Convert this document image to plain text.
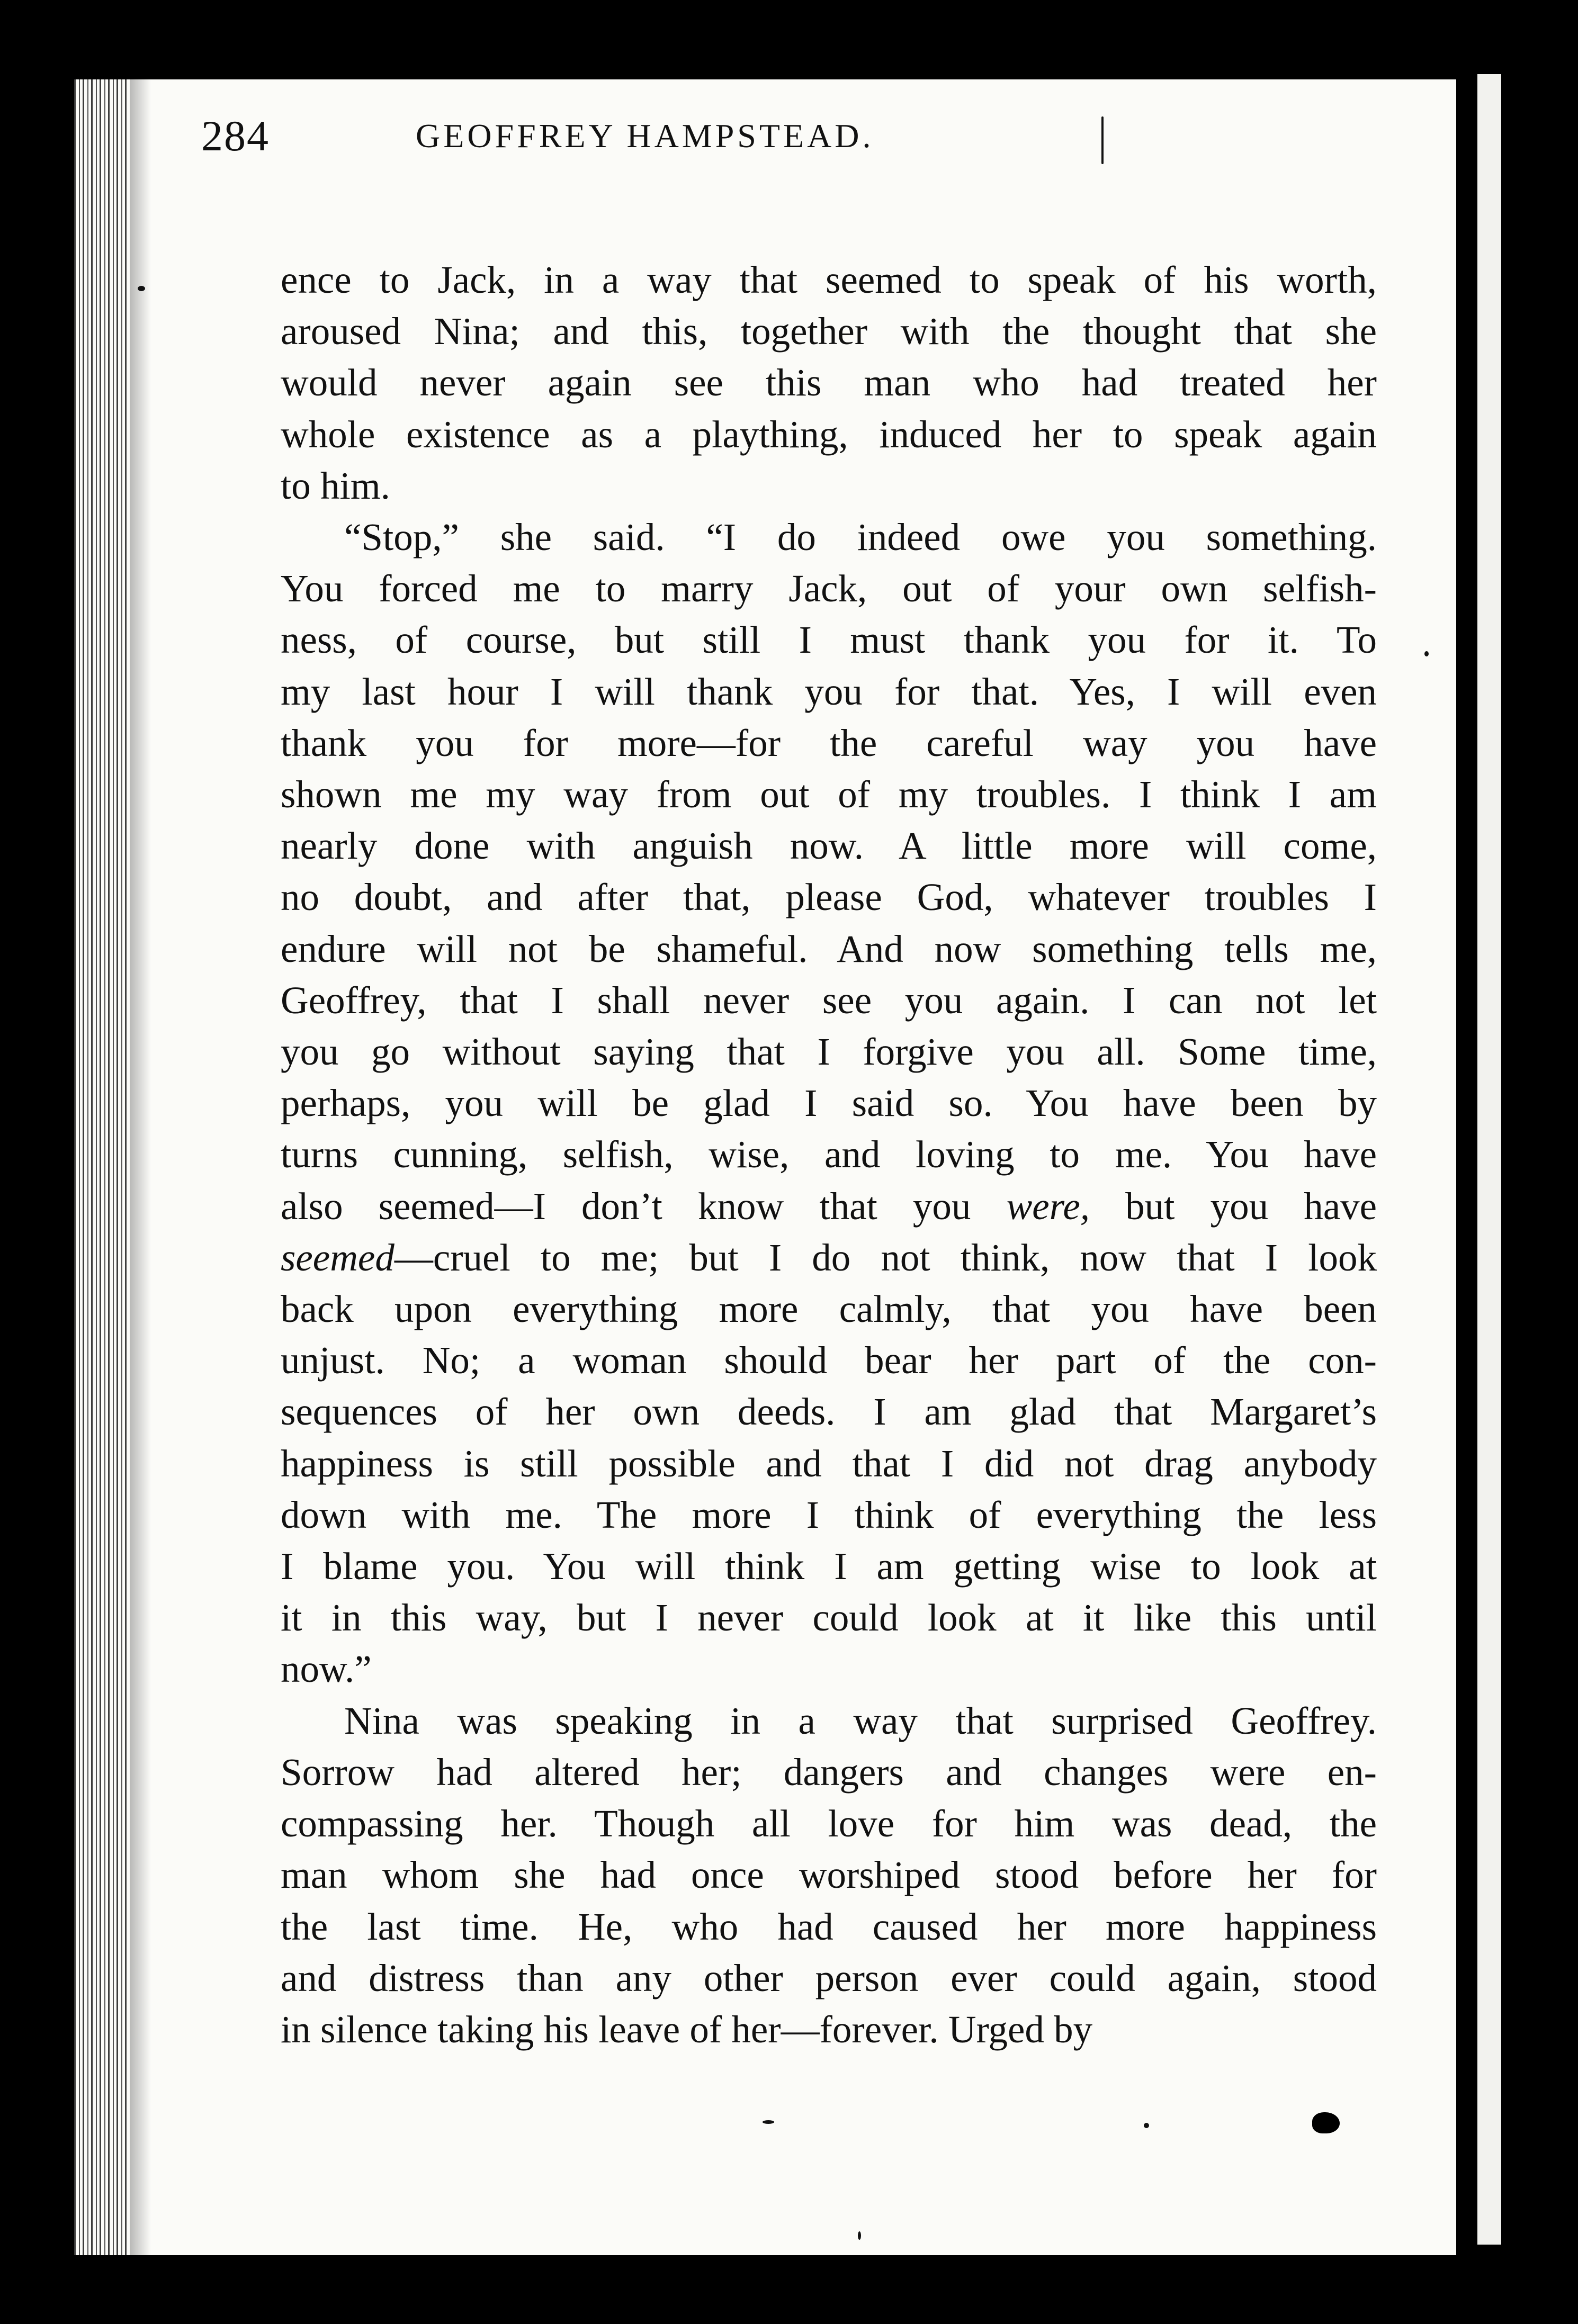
284	GEOFFREY HAMPSTEAD.

ence to Jack, in a way that seemed to speak of his worth,
aroused Nina; and this, together with the thought that she
would never again see this man who had treated her
whole existence as a plaything, induced her to speak again
to him.

“Stop,” she said. “I do indeed owe you something.
You forced me to marry Jack, out of your own selfish-
ness, of course, but still I must thank you for it. To
my last hour I will thank you for that. Yes, I will even
thank you for more—for the careful way you have
shown me my way from out of my troubles. I think I am
nearly done with anguish now. A little more will come,
no doubt, and after that, please God, whatever troubles I
endure will not be shameful. And now something tells me,
Geoffrey, that I shall never see you again. I can not let
you go without saying that I forgive you all. Some time,
perhaps, you will be glad I said so. You have been by
turns cunning, selfish, wise, and loving to me. You have
also seemed—I don’t know that you were, but you have
seemed—cruel to me; but I do not think, now that I look
back upon everything more calmly, that you have been
unjust. No; a woman should bear her part of the con-
sequences of her own deeds. I am glad that Margaret’s
happiness is still possible and that I did not drag anybody
down with me. The more I think of everything the less
I blame you. You will think I am getting wise to look at
it in this way, but I never could look at it like this until
now.”

Nina was speaking in a way that surprised Geoffrey.
Sorrow had altered her; dangers and changes were en-
compassing her. Though all love for him was dead, the
man whom she had once worshiped stood before her for
the last time. He, who had caused her more happiness
and distress than any other person ever could again, stood
in silence taking his leave of her—forever. Urged by
